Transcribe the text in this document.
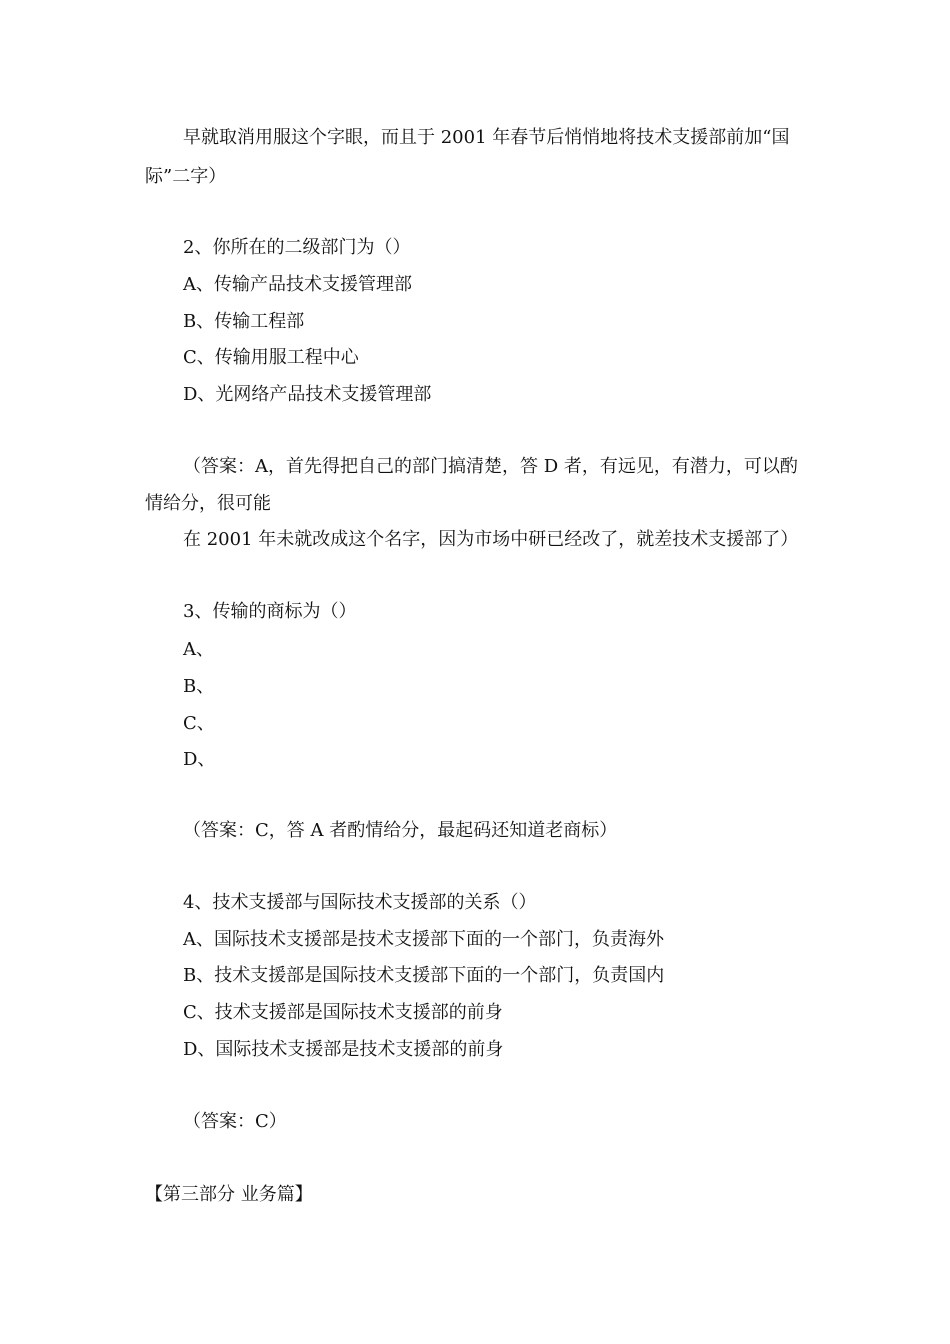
早就取消用服这个字眼，而且于 2001 年春节后悄悄地将技术支援部前加“国
际”二字）
2、你所在的二级部门为（）
A、传输产品技术支援管理部
B、传输工程部
C、传输用服工程中心
D、光网络产品技术支援管理部
（答案：A，首先得把自己的部门搞清楚，答 D 者，有远见，有潜力，可以酌
情给分，很可能
在 2001 年未就改成这个名字，因为市场中研已经改了，就差技术支援部了）
3、传输的商标为（）
A、
B、
C、
D、
（答案：C，答 A 者酌情给分，最起码还知道老商标）
4、技术支援部与国际技术支援部的关系（）
A、国际技术支援部是技术支援部下面的一个部门，负责海外
B、技术支援部是国际技术支援部下面的一个部门，负责国内
C、技术支援部是国际技术支援部的前身
D、国际技术支援部是技术支援部的前身
（答案：C）
【第三部分 业务篇】
